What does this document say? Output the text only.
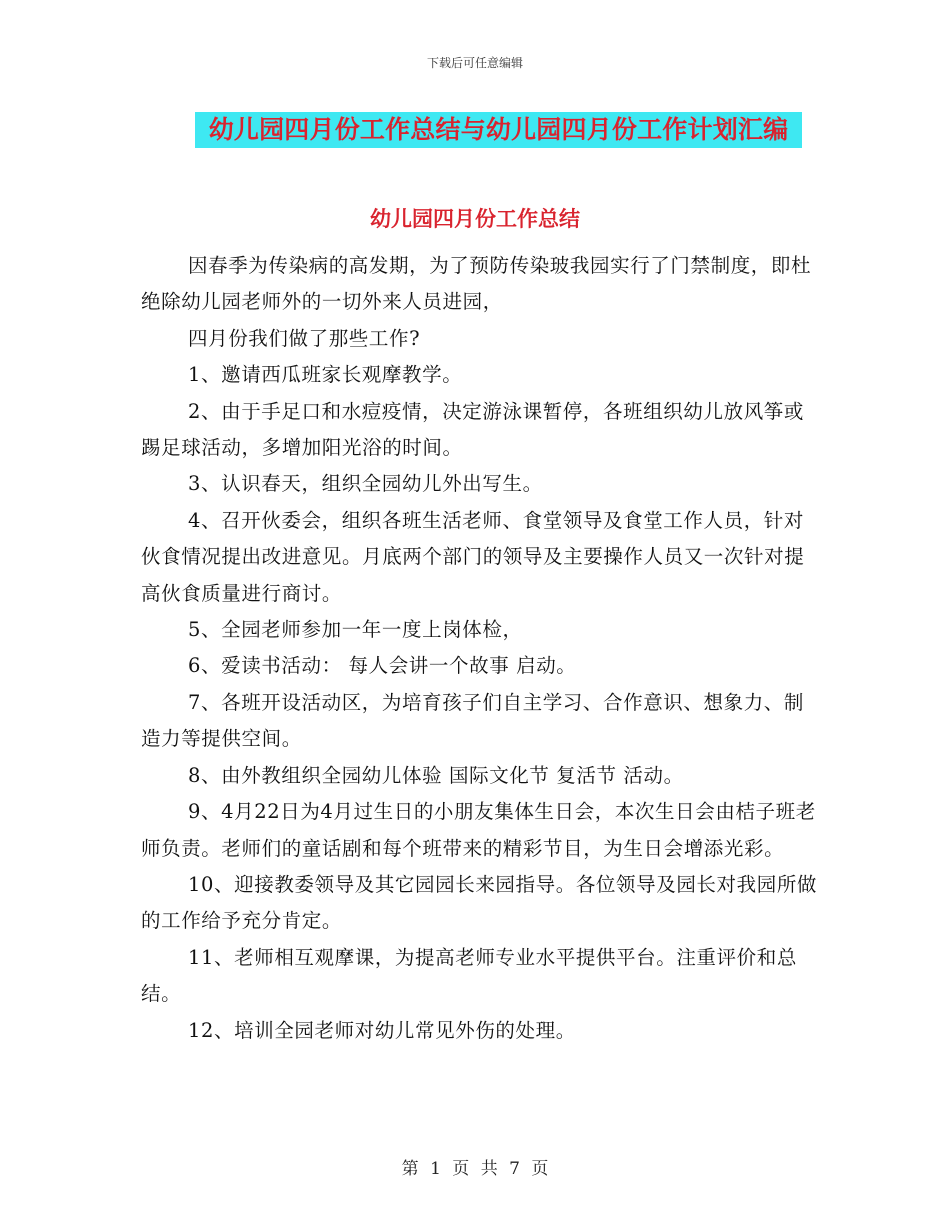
下载后可任意编辑
幼儿园四月份工作总结与幼儿园四月份工作计划汇编
幼儿园四月份工作总结

因春季为传染病的高发期，为了预防传染玻我园实行了门禁制度，即杜绝除幼儿园老师外的一切外来人员进园，

四月份我们做了那些工作?

1、邀请西瓜班家长观摩教学。

2、由于手足口和水痘疫情，决定游泳课暂停，各班组织幼儿放风筝或踢足球活动，多增加阳光浴的时间。

3、认识春天，组织全园幼儿外出写生。

4、召开伙委会，组织各班生活老师、食堂领导及食堂工作人员，针对伙食情况提出改进意见。月底两个部门的领导及主要操作人员又一次针对提高伙食质量进行商讨。

5、全园老师参加一年一度上岗体检，

6、爱读书活动： 每人会讲一个故事 启动。

7、各班开设活动区，为培育孩子们自主学习、合作意识、想象力、制造力等提供空间。

8、由外教组织全园幼儿体验 国际文化节 复活节 活动。

9、4月22日为4月过生日的小朋友集体生日会，本次生日会由桔子班老师负责。老师们的童话剧和每个班带来的精彩节目，为生日会增添光彩。

10、迎接教委领导及其它园园长来园指导。各位领导及园长对我园所做的工作给予充分肯定。

11、老师相互观摩课，为提高老师专业水平提供平台。注重评价和总结。

12、培训全园老师对幼儿常见外伤的处理。

第 1 页 共 7 页
